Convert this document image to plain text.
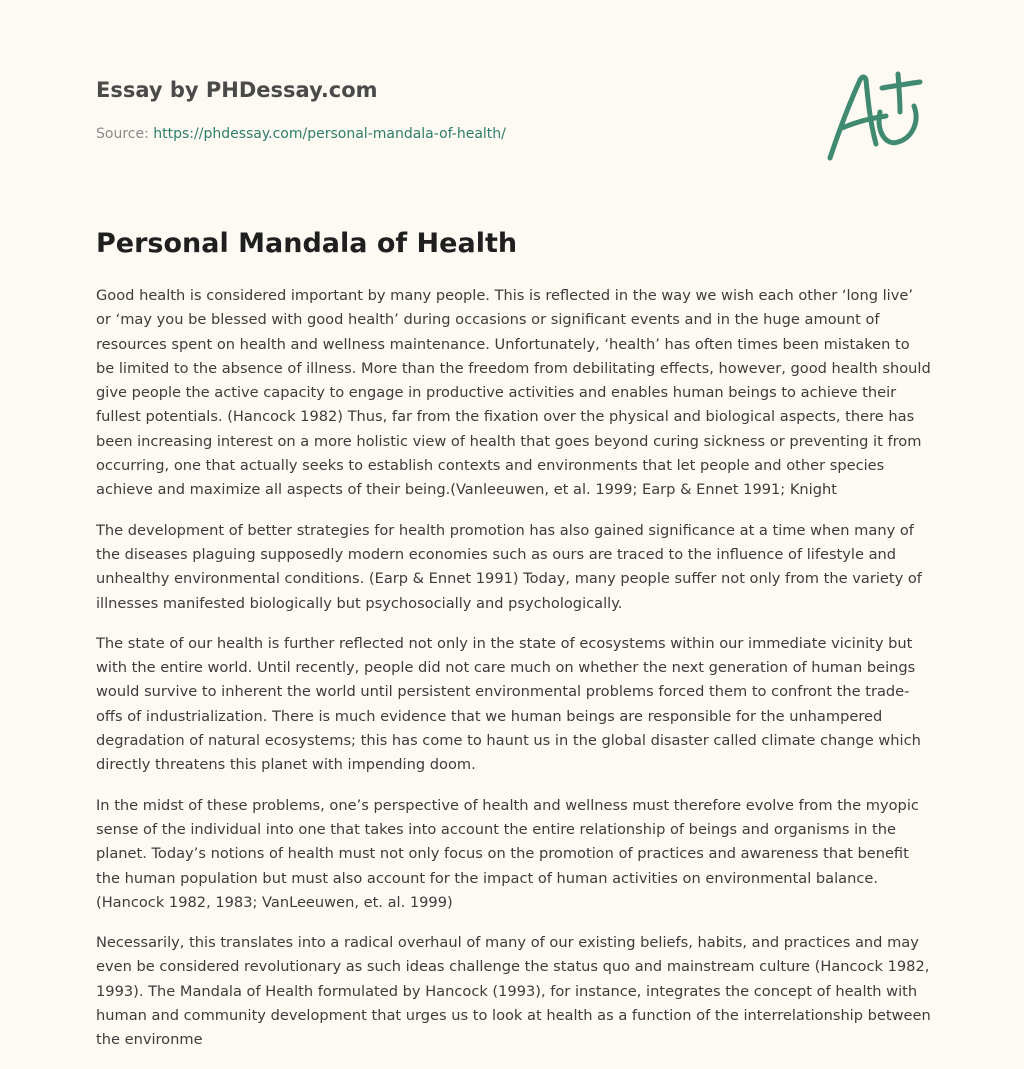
Essay by PHDessay.com

Source: https://phdessay.com/personal-mandala-of-health/
Personal Mandala of Health

Good health is considered important by many people. This is reflected in the way we wish each other ‘long live’ or ‘may you be blessed with good health’ during occasions or significant events and in the huge amount of resources spent on health and wellness maintenance. Unfortunately, ‘health’ has often times been mistaken to be limited to the absence of illness. More than the freedom from debilitating effects, however, good health should give people the active capacity to engage in productive activities and enables human beings to achieve their fullest potentials. (Hancock 1982) Thus, far from the fixation over the physical and biological aspects, there has been increasing interest on a more holistic view of health that goes beyond curing sickness or preventing it from occurring, one that actually seeks to establish contexts and environments that let people and other species achieve and maximize all aspects of their being.(Vanleeuwen, et al. 1999; Earp & Ennet 1991; Knight

The development of better strategies for health promotion has also gained significance at a time when many of the diseases plaguing supposedly modern economies such as ours are traced to the influence of lifestyle and unhealthy environmental conditions. (Earp & Ennet 1991) Today, many people suffer not only from the variety of illnesses manifested biologically but psychosocially and psychologically.

The state of our health is further reflected not only in the state of ecosystems within our immediate vicinity but with the entire world. Until recently, people did not care much on whether the next generation of human beings would survive to inherent the world until persistent environmental problems forced them to confront the trade-offs of industrialization. There is much evidence that we human beings are responsible for the unhampered degradation of natural ecosystems; this has come to haunt us in the global disaster called climate change which directly threatens this planet with impending doom.

In the midst of these problems, one’s perspective of health and wellness must therefore evolve from the myopic sense of the individual into one that takes into account the entire relationship of beings and organisms in the planet. Today’s notions of health must not only focus on the promotion of practices and awareness that benefit the human population but must also account for the impact of human activities on environmental balance. (Hancock 1982, 1983; VanLeeuwen, et. al. 1999)

Necessarily, this translates into a radical overhaul of many of our existing beliefs, habits, and practices and may even be considered revolutionary as such ideas challenge the status quo and mainstream culture (Hancock 1982, 1993). The Mandala of Health formulated by Hancock (1993), for instance, integrates the concept of health with human and community development that urges us to look at health as a function of the interrelationship between the environme
